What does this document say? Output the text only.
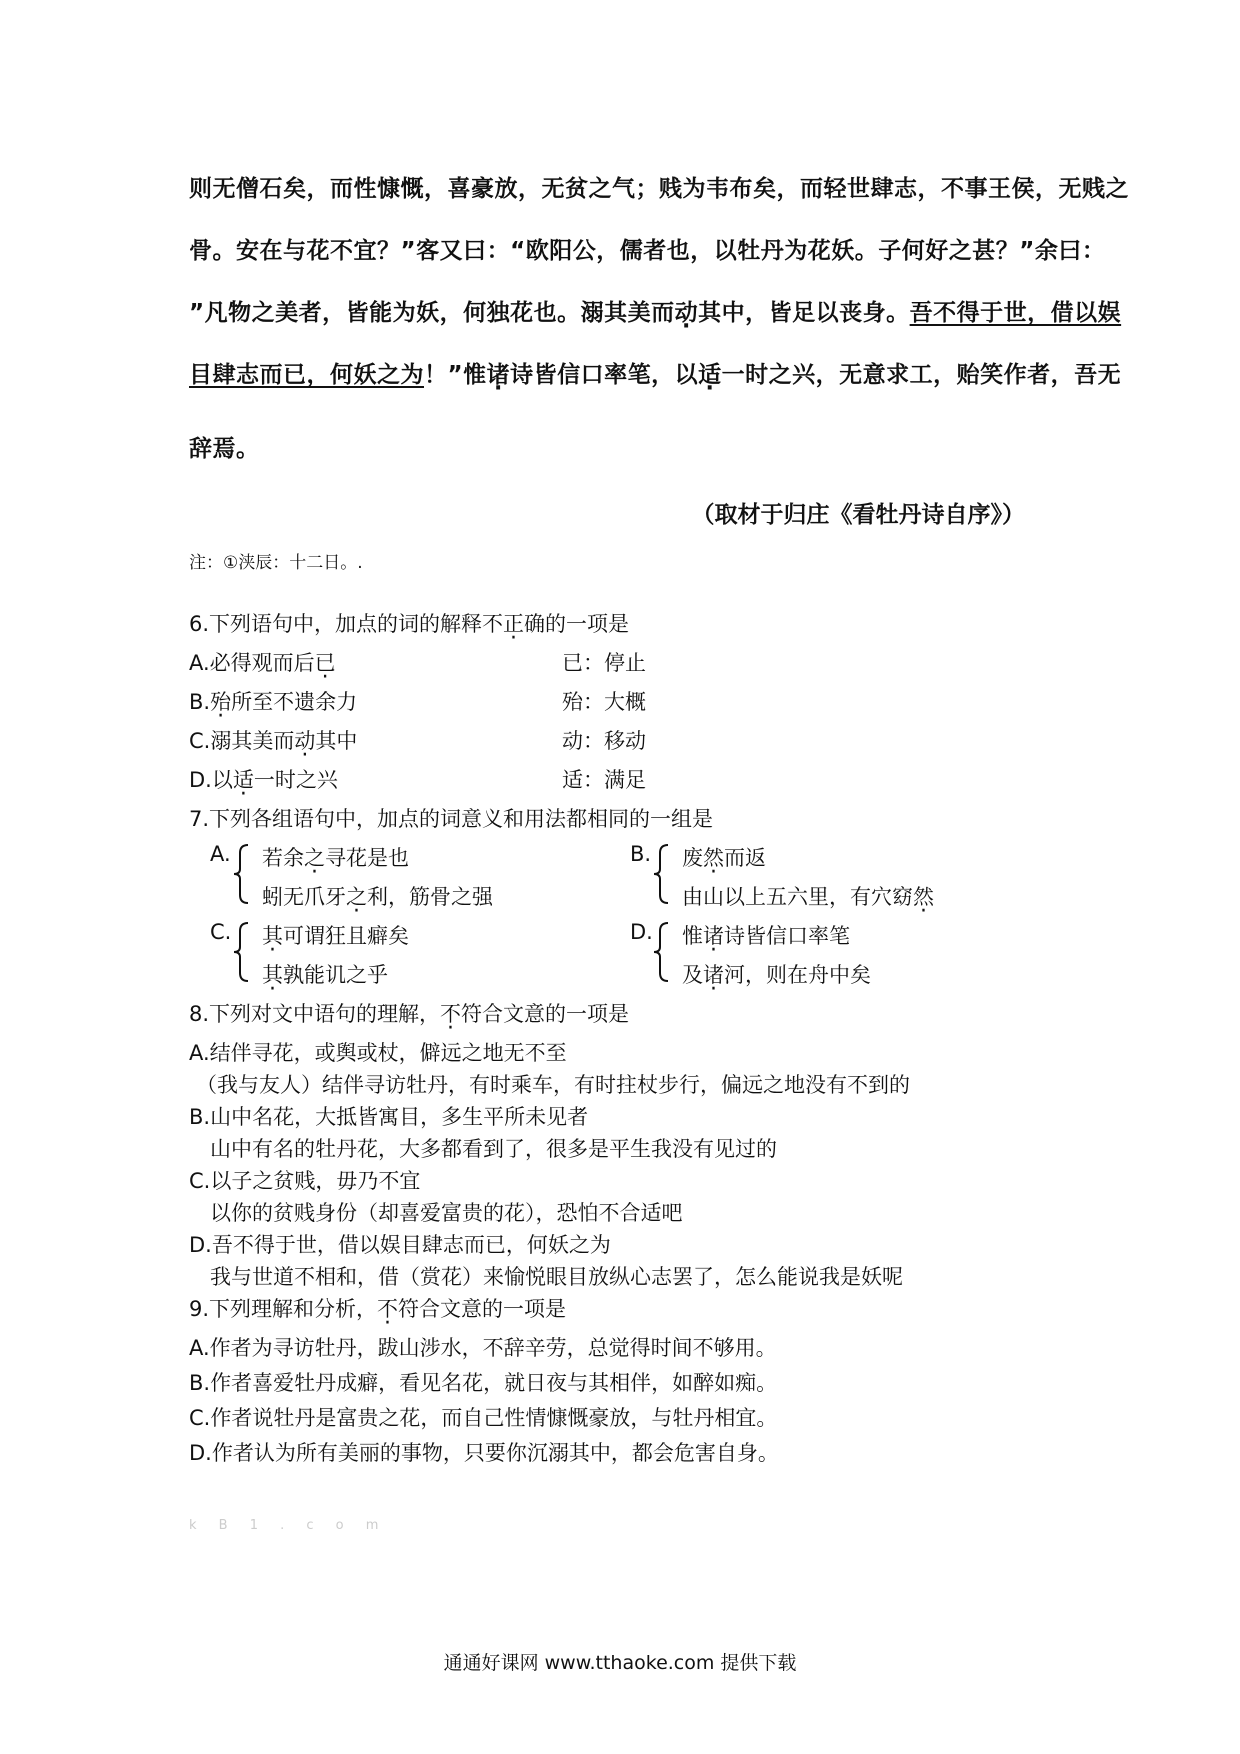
则无僧石矣，而性慷慨，喜豪放，无贫之气；贱为韦布矣，而轻世肆志，不事王侯，无贱之
骨。安在与花不宜？”客又曰：“欧阳公，儒者也，以牡丹为花妖。子何好之甚？”余曰：
”凡物之美者，皆能为妖，何独花也。溺其美而动其中，皆足以丧身。吾不得于世，借以娱
目肆志而已，何妖之为！”惟诸诗皆信口率笔，以适一时之兴，无意求工，贻笑作者，吾无
辞焉。
（取材于归庄《看牡丹诗自序》）
注：①浃辰：十二日。.
6.下列语句中，加点的词的解释不正确的一项是
A.必得观而后已	已：停止
B.殆所至不遗余力	殆：大概
C.溺其美而动其中	动：移动
D.以适一时之兴	适：满足
7.下列各组语句中，加点的词意义和用法都相同的一组是
A. 若余之寻花是也
蚓无爪牙之利，筋骨之强
B. 废然而返
由山以上五六里，有穴窈然
C. 其可谓狂且癖矣
其孰能讥之乎
D. 惟诸诗皆信口率笔
及诸河，则在舟中矣
8.下列对文中语句的理解，不符合文意的一项是
A.结伴寻花，或舆或杖，僻远之地无不至
（我与友人）结伴寻访牡丹，有时乘车，有时拄杖步行，偏远之地没有不到的
B.山中名花，大抵皆寓目，多生平所未见者
山中有名的牡丹花，大多都看到了，很多是平生我没有见过的
C.以子之贫贱，毋乃不宜
以你的贫贱身份（却喜爱富贵的花），恐怕不合适吧
D.吾不得于世，借以娱目肆志而已，何妖之为
我与世道不相和，借（赏花）来愉悦眼目放纵心志罢了，怎么能说我是妖呢
9.下列理解和分析，不符合文意的一项是
A.作者为寻访牡丹，跋山涉水，不辞辛劳，总觉得时间不够用。
B.作者喜爱牡丹成癖，看见名花，就日夜与其相伴，如醉如痴。
C.作者说牡丹是富贵之花，而自己性情慷慨豪放，与牡丹相宜。
D.作者认为所有美丽的事物，只要你沉溺其中，都会危害自身。
k B 1 . c o m
通通好课网 www.tthaoke.com 提供下载
